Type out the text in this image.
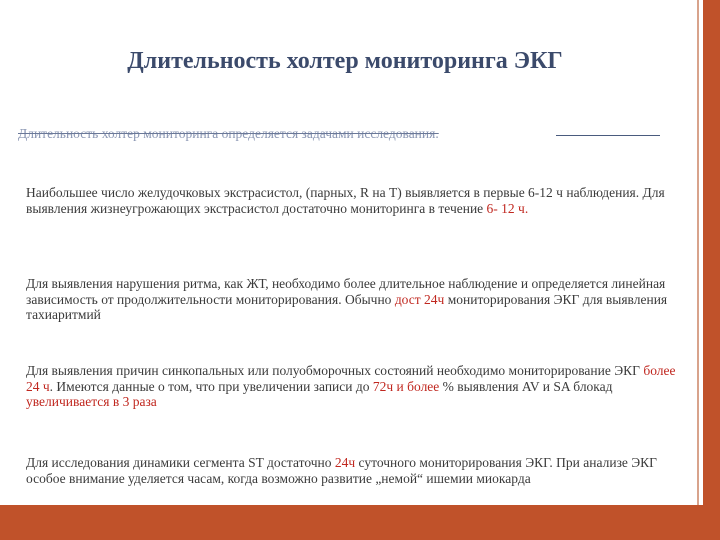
Длительность холтер мониторинга ЭКГ
Длительность холтер мониторинга определяется задачами исследования.
Наибольшее число желудочковых экстрасистол, (парных, R на Т) выявляется в первые 6-12 ч наблюдения. Для выявления жизнеугрожающих экстрасистол достаточно мониторинга в течение 6- 12 ч.
Для выявления нарушения ритма, как ЖТ, необходимо более длительное наблюдение и определяется линейная зависимость от продолжительности мониторирования. Обычно дост 24ч мониторирования ЭКГ для выявления тахиаритмий
Для выявления причин синкопальных или полуобморочных состояний необходимо мониторирование ЭКГ более 24 ч. Имеются данные о том, что при увеличении записи до 72ч и более % выявления AV и SA блокад увеличивается в 3 раза
Для исследования динамики сегмента ST достаточно 24ч суточного мониторирования ЭКГ. При анализе ЭКГ особое внимание уделяется часам, когда возможно развитие „немой“ ишемии миокарда
